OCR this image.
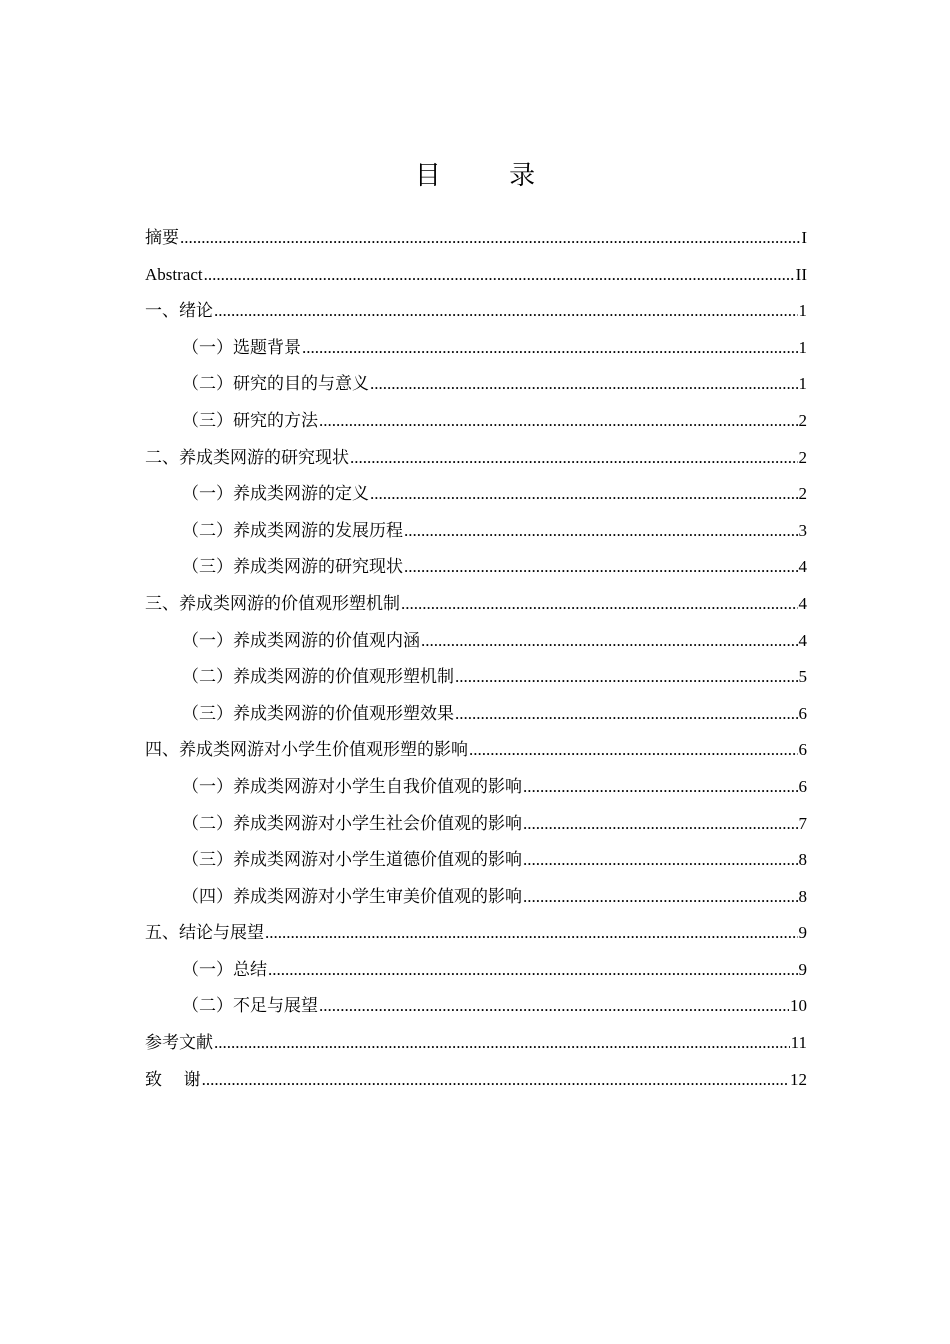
目 录
摘要 .....	I
Abstract .....	II
一、绪论 .....	1
（一）选题背景 .....	1
（二）研究的目的与意义 .....	1
（三）研究的方法 .....	2
二、养成类网游的研究现状 .....	2
（一）养成类网游的定义 .....	2
（二）养成类网游的发展历程 .....	3
（三）养成类网游的研究现状 .....	4
三、养成类网游的价值观形塑机制 .....	4
（一）养成类网游的价值观内涵 .....	4
（二）养成类网游的价值观形塑机制 .....	5
（三）养成类网游的价值观形塑效果 .....	6
四、养成类网游对小学生价值观形塑的影响 .....	6
（一）养成类网游对小学生自我价值观的影响 .....	6
（二）养成类网游对小学生社会价值观的影响 .....	7
（三）养成类网游对小学生道德价值观的影响 .....	8
（四）养成类网游对小学生审美价值观的影响 .....	8
五、结论与展望 .....	9
（一）总结 .....	9
（二）不足与展望 .....	10
参考文献 .....	11
致    谢 .....	12
